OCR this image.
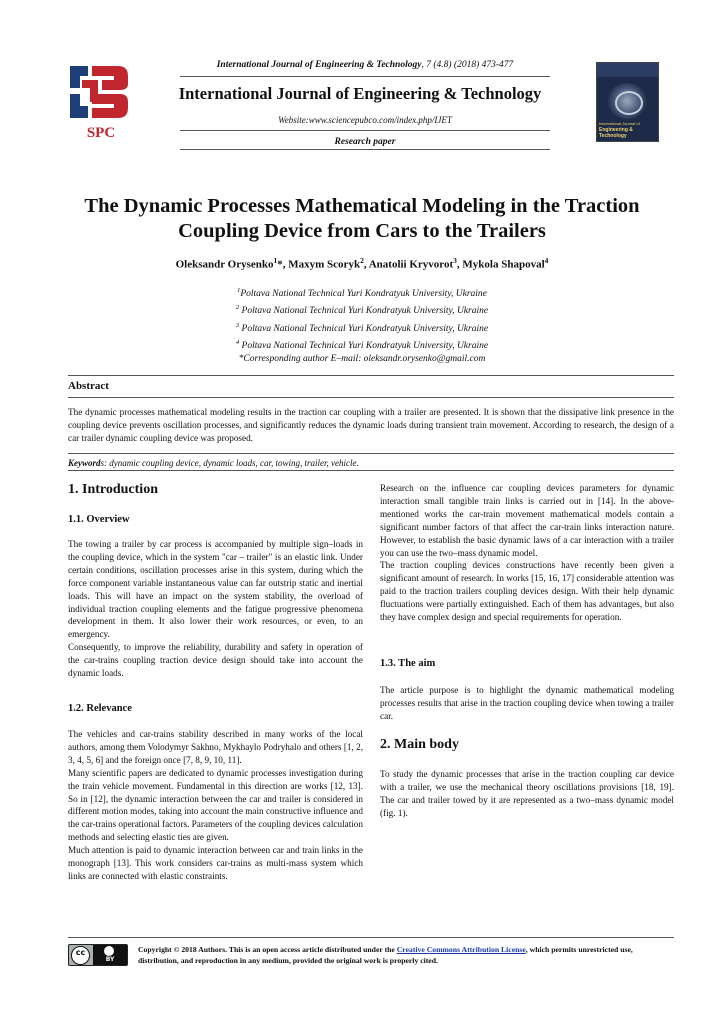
International Journal of Engineering & Technology, 7 (4.8) (2018) 473-477
International Journal of Engineering & Technology
Website:www.sciencepubco.com/index.php/IJET
Research paper
SPC
International Journal of
Engineering & Technology
The Dynamic Processes Mathematical Modeling in the Traction
Coupling Device from Cars to the Trailers
Oleksandr Orysenko$^1$*, Maxym Scoryk$^2$, Anatolii Kryvorot$^3$, Mykola Shapoval$^4$
$^1$Poltava National Technical Yuri Kondratyuk University, Ukraine
$^2$ Poltava National Technical Yuri Kondratyuk University, Ukraine
$^3$ Poltava National Technical Yuri Kondratyuk University, Ukraine
$^4$ Poltava National Technical Yuri Kondratyuk University, Ukraine
*Corresponding author E–mail: oleksandr.orysenko@gmail.com
Abstract
The dynamic processes mathematical modeling results in the traction car coupling with a trailer are presented. It is shown that the dissipative link presence in the coupling device prevents oscillation processes, and significantly reduces the dynamic loads during transient train movement. According to research, the design of a car trailer dynamic coupling device was proposed.
Keywords: dynamic coupling device, dynamic loads, car, towing, trailer, vehicle.
1. Introduction
1.1. Overview

The towing a trailer by car process is accompanied by multiple sign–loads in the coupling device, which in the system "car – trailer" is an elastic link. Under certain conditions, oscillation processes arise in this system, during which the force component variable instantaneous value can far outstrip static and inertial loads. This will have an impact on the system stability, the overload of individual traction coupling elements and the fatigue progressive phenomena development in them. It also lower their work resources, or even, to an emergency.

Consequently, to improve the reliability, durability and safety in operation of the car-trains coupling traction device design should take into account the dynamic loads.

1.2. Relevance

The vehicles and car-trains stability described in many works of the local authors, among them Volodymyr Sakhno, Mykhaylo Podryhalo and others [1, 2, 3, 4, 5, 6] and the foreign once [7, 8, 9, 10, 11].

Many scientific papers are dedicated to dynamic processes investigation during the train vehicle movement. Fundamental in this direction are works [12, 13]. So in [12], the dynamic interaction between the car and trailer is considered in different motion modes, taking into account the main constructive influence and the car-trains operational factors. Parameters of the coupling devices calculation methods and selecting elastic ties are given.

Much attention is paid to dynamic interaction between car and train links in the monograph [13]. This work considers car-trains as multi-mass system which links are connected with elastic constraints.

Research on the influence car coupling devices parameters for dynamic interaction small tangible train links is carried out in [14]. In the above-mentioned works the car-train movement mathematical models contain a significant number factors of that affect the car-train links interaction nature. However, to establish the basic dynamic laws of a car interaction with a trailer you can use the two–mass dynamic model.

The traction coupling devices constructions have recently been given a significant amount of research. In works [15, 16, 17] considerable attention was paid to the traction trailers coupling devices design. With their help dynamic fluctuations were partially extinguished. Each of them has advantages, but also they have complex design and special requirements for operation.

1.3. The aim

The article purpose is to highlight the dynamic mathematical modeling processes results that arise in the traction coupling device when towing a trailer car.

2. Main body

To study the dynamic processes that arise in the traction coupling car device with a trailer, we use the mechanical theory oscillations provisions [18, 19]. The car and trailer towed by it are represented as a two–mass dynamic model (fig. 1).

cc
BY
Copyright © 2018 Authors. This is an open access article distributed under the Creative Commons Attribution License, which permits unrestricted use, distribution, and reproduction in any medium, provided the original work is properly cited.
